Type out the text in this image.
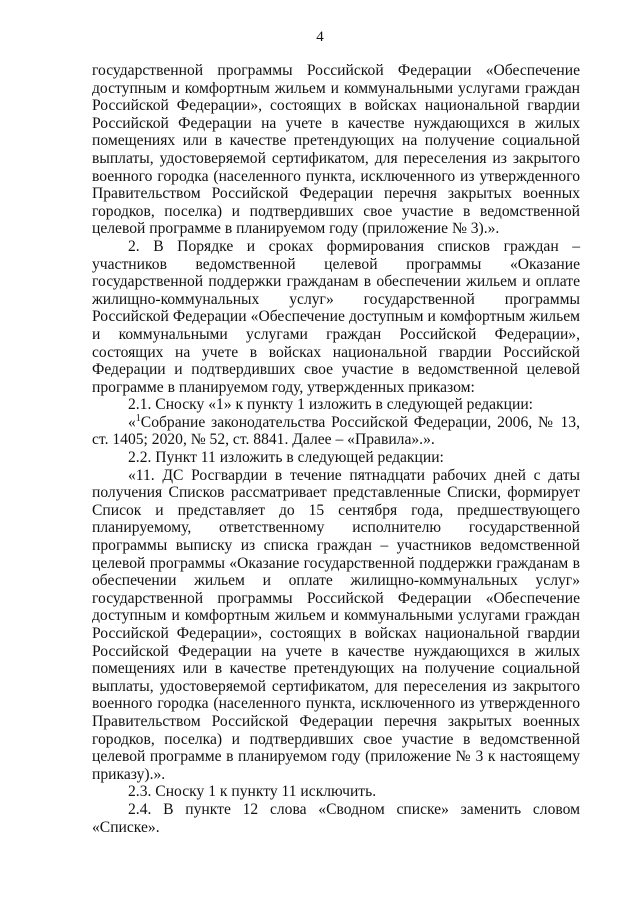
4

государственной программы Российской Федерации «Обеспечение доступным и комфортным жильем и коммунальными услугами граждан Российской Федерации», состоящих в войсках национальной гвардии Российской Федерации на учете в качестве нуждающихся в жилых помещениях или в качестве претендующих на получение социальной выплаты, удостоверяемой сертификатом, для переселения из закрытого военного городка (населенного пункта, исключенного из утвержденного Правительством Российской Федерации перечня закрытых военных городков, поселка) и подтвердивших свое участие в ведомственной целевой программе в планируемом году (приложение № 3).».

2. В Порядке и сроках формирования списков граждан – участников ведомственной целевой программы «Оказание государственной поддержки гражданам в обеспечении жильем и оплате жилищно-коммунальных услуг» государственной программы Российской Федерации «Обеспечение доступным и комфортным жильем и коммунальными услугами граждан Российской Федерации», состоящих на учете в войсках национальной гвардии Российской Федерации и подтвердивших свое участие в ведомственной целевой программе в планируемом году, утвержденных приказом:

2.1. Сноску «1» к пункту 1 изложить в следующей редакции:

«$^1$Собрание законодательства Российской Федерации, 2006, № 13, ст. 1405; 2020, № 52, ст. 8841. Далее – «Правила».».

2.2. Пункт 11 изложить в следующей редакции:

«11. ДС Росгвардии в течение пятнадцати рабочих дней с даты получения Списков рассматривает представленные Списки, формирует Список и представляет до 15 сентября года, предшествующего планируемому, ответственному исполнителю государственной программы выписку из списка граждан – участников ведомственной целевой программы «Оказание государственной поддержки гражданам в обеспечении жильем и оплате жилищно-коммунальных услуг» государственной программы Российской Федерации «Обеспечение доступным и комфортным жильем и коммунальными услугами граждан Российской Федерации», состоящих в войсках национальной гвардии Российской Федерации на учете в качестве нуждающихся в жилых помещениях или в качестве претендующих на получение социальной выплаты, удостоверяемой сертификатом, для переселения из закрытого военного городка (населенного пункта, исключенного из утвержденного Правительством Российской Федерации перечня закрытых военных городков, поселка) и подтвердивших свое участие в ведомственной целевой программе в планируемом году (приложение № 3 к настоящему приказу).».

2.3. Сноску 1 к пункту 11 исключить.

2.4. В пункте 12 слова «Сводном списке» заменить словом «Списке».
